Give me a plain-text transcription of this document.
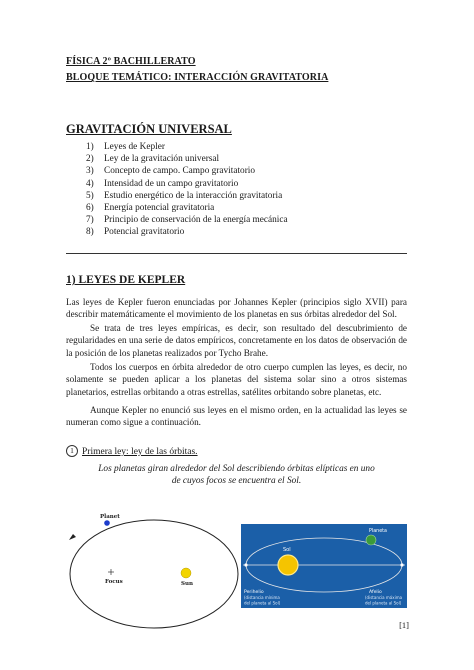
FÍSICA 2º BACHILLERATO
BLOQUE TEMÁTICO: INTERACCIÓN GRAVITATORIA
GRAVITACIÓN UNIVERSAL
1) Leyes de Kepler
2) Ley de la gravitación universal
3) Concepto de campo. Campo gravitatorio
4) Intensidad de un campo gravitatorio
5) Estudio energético de la interacción gravitatoria
6) Energía potencial gravitatoria
7) Principio de conservación de la energía mecánica
8) Potencial gravitatorio
1) LEYES DE KEPLER

Las leyes de Kepler fueron enunciadas por Johannes Kepler (principios siglo XVII) para describir matemáticamente el movimiento de los planetas en sus órbitas alrededor del Sol.

Se trata de tres leyes empíricas, es decir, son resultado del descubrimiento de regularidades en una serie de datos empíricos, concretamente en los datos de observación de la posición de los planetas realizados por Tycho Brahe.

Todos los cuerpos en órbita alrededor de otro cuerpo cumplen las leyes, es decir, no solamente se pueden aplicar a los planetas del sistema solar sino a otros sistemas planetarios, estrellas orbitando a otras estrellas, satélites orbitando sobre planetas, etc.

Aunque Kepler no enunció sus leyes en el mismo orden, en la actualidad las leyes se numeran como sigue a continuación.

1 Primera ley: ley de las órbitas.
Los planetas giran alrededor del Sol describiendo órbitas elípticas en uno
de cuyos focos se encuentra el Sol.
Planet
Focus	Sun
Sol
Planeta
Perihelio
(distancia mínima
del planeta al Sol)
Afelio
(distancia máxima
del planeta al Sol)
[1]
